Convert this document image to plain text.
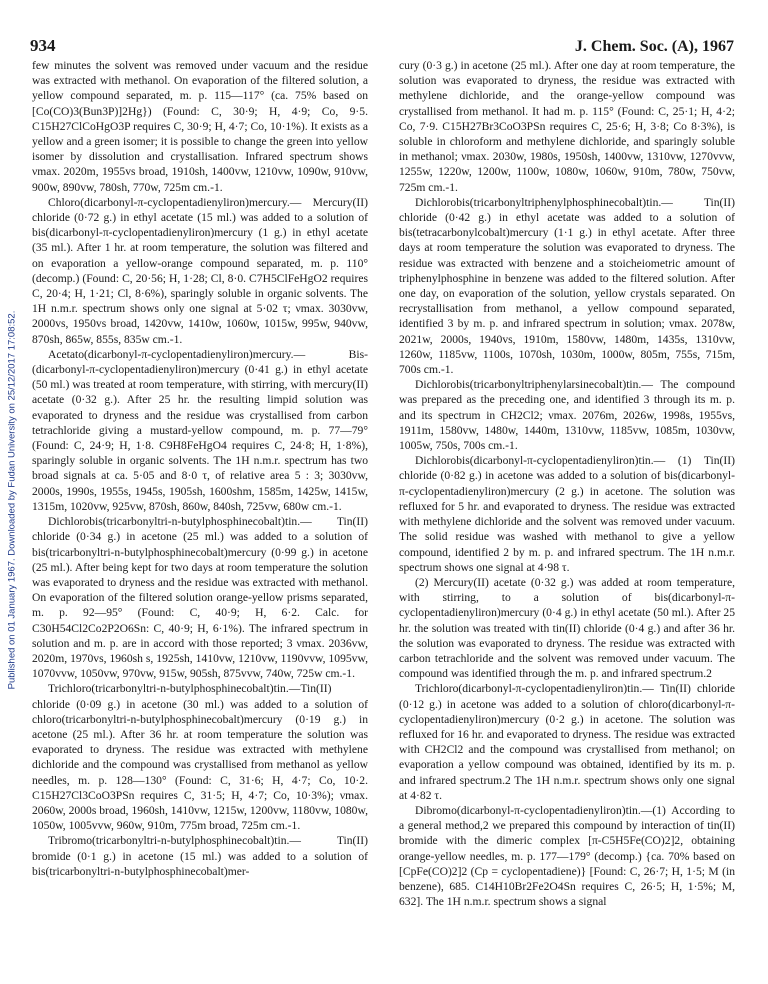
934	J. Chem. Soc. (A), 1967
Published on 01 January 1967. Downloaded by Fudan University on 25/12/2017 17:08:52.

few minutes the solvent was removed under vacuum and the residue was extracted with methanol. On evaporation of the filtered solution, a yellow compound separated, m. p. 115—117° (ca. 75% based on [Co(CO)3(Bun3P)]2Hg}) (Found: C, 30·9; H, 4·9; Co, 9·5. C15H27ClCoHgO3P requires C, 30·9; H, 4·7; Co, 10·1%). It exists as a yellow and a green isomer; it is possible to change the green into yellow isomer by dissolution and crystallisation. Infrared spectrum shows νmax. 2020m, 1955vs broad, 1910sh, 1400vw, 1210vw, 1090w, 910vw, 900w, 890vw, 780sh, 770w, 725m cm.-1.

Chloro(dicarbonyl-π-cyclopentadienyliron)mercury.— Mercury(II) chloride (0·72 g.) in ethyl acetate (15 ml.) was added to a solution of bis(dicarbonyl-π-cyclopentadienyliron)mercury (1 g.) in ethyl acetate (35 ml.). After 1 hr. at room temperature, the solution was filtered and on evaporation a yellow-orange compound separated, m. p. 110° (decomp.) (Found: C, 20·56; H, 1·28; Cl, 8·0. C7H5ClFeHgO2 requires C, 20·4; H, 1·21; Cl, 8·6%), sparingly soluble in organic solvents. The 1H n.m.r. spectrum shows only one signal at 5·02 τ; νmax. 3030vw, 2000vs, 1950vs broad, 1420vw, 1410w, 1060w, 1015w, 995w, 940vw, 870sh, 865w, 855s, 835w cm.-1.

Acetato(dicarbonyl-π-cyclopentadienyliron)mercury.— Bis-(dicarbonyl-π-cyclopentadienyliron)mercury (0·41 g.) in ethyl acetate (50 ml.) was treated at room temperature, with stirring, with mercury(II) acetate (0·32 g.). After 25 hr. the resulting limpid solution was evaporated to dryness and the residue was crystallised from carbon tetrachloride giving a mustard-yellow compound, m. p. 77—79° (Found: C, 24·9; H, 1·8. C9H8FeHgO4 requires C, 24·8; H, 1·8%), sparingly soluble in organic solvents. The 1H n.m.r. spectrum has two broad signals at ca. 5·05 and 8·0 τ, of relative area 5 : 3; 3030vw, 2000s, 1990s, 1955s, 1945s, 1905sh, 1600shm, 1585m, 1425w, 1415w, 1315m, 1020vw, 925vw, 870sh, 860w, 840sh, 725vw, 680w cm.-1.

Dichlorobis(tricarbonyltri-n-butylphosphinecobalt)tin.— Tin(II) chloride (0·34 g.) in acetone (25 ml.) was added to a solution of bis(tricarbonyltri-n-butylphosphinecobalt)mercury (0·99 g.) in acetone (25 ml.). After being kept for two days at room temperature the solution was evaporated to dryness and the residue was extracted with methanol. On evaporation of the filtered solution orange-yellow prisms separated, m. p. 92—95° (Found: C, 40·9; H, 6·2. Calc. for C30H54Cl2Co2P2O6Sn: C, 40·9; H, 6·1%). The infrared spectrum in solution and m. p. are in accord with those reported; 3 νmax. 2036vw, 2020m, 1970vs, 1960sh s, 1925sh, 1410vw, 1210vw, 1190vvw, 1095vw, 1070vvw, 1050vw, 970vw, 915w, 905sh, 875vvw, 740w, 725w cm.-1.

Trichloro(tricarbonyltri-n-butylphosphinecobalt)tin.—Tin(II) chloride (0·09 g.) in acetone (30 ml.) was added to a solution of chloro(tricarbonyltri-n-butylphosphinecobalt)mercury (0·19 g.) in acetone (25 ml.). After 36 hr. at room temperature the solution was evaporated to dryness. The residue was extracted with methylene dichloride and the compound was crystallised from methanol as yellow needles, m. p. 128—130° (Found: C, 31·6; H, 4·7; Co, 10·2. C15H27Cl3CoO3PSn requires C, 31·5; H, 4·7; Co, 10·3%); νmax. 2060w, 2000s broad, 1960sh, 1410vw, 1215w, 1200vw, 1180vw, 1080w, 1050w, 1005vvw, 960w, 910m, 775m broad, 725m cm.-1.

Tribromo(tricarbonyltri-n-butylphosphinecobalt)tin.— Tin(II) bromide (0·1 g.) in acetone (15 ml.) was added to a solution of bis(tricarbonyltri-n-butylphosphinecobalt)mer-

cury (0·3 g.) in acetone (25 ml.). After one day at room temperature, the solution was evaporated to dryness, the residue was extracted with methylene dichloride, and the orange-yellow compound was crystallised from methanol. It had m. p. 115° (Found: C, 25·1; H, 4·2; Co, 7·9. C15H27Br3CoO3PSn requires C, 25·6; H, 3·8; Co 8·3%), is soluble in chloroform and methylene dichloride, and sparingly soluble in methanol; νmax. 2030w, 1980s, 1950sh, 1400vw, 1310vw, 1270vvw, 1255w, 1220w, 1200w, 1100w, 1080w, 1060w, 910m, 780w, 750vw, 725m cm.-1.

Dichlorobis(tricarbonyltriphenylphosphinecobalt)tin.— Tin(II) chloride (0·42 g.) in ethyl acetate was added to a solution of bis(tetracarbonylcobalt)mercury (1·1 g.) in ethyl acetate. After three days at room temperature the solution was evaporated to dryness. The residue was extracted with benzene and a stoicheiometric amount of triphenylphosphine in benzene was added to the filtered solution. After one day, on evaporation of the solution, yellow crystals separated. On recrystallisation from methanol, a yellow compound separated, identified 3 by m. p. and infrared spectrum in solution; νmax. 2078w, 2021w, 2000s, 1940vs, 1910m, 1580vw, 1480m, 1435s, 1310vw, 1260w, 1185vw, 1100s, 1070sh, 1030m, 1000w, 805m, 755s, 715m, 700s cm.-1.

Dichlorobis(tricarbonyltriphenylarsinecobalt)tin.— The compound was prepared as the preceding one, and identified 3 through its m. p. and its spectrum in CH2Cl2; νmax. 2076m, 2026w, 1998s, 1955vs, 1911m, 1580vw, 1480w, 1440m, 1310vw, 1185vw, 1085m, 1030vw, 1005w, 750s, 700s cm.-1.

Dichlorobis(dicarbonyl-π-cyclopentadienyliron)tin.— (1) Tin(II) chloride (0·82 g.) in acetone was added to a solution of bis(dicarbonyl-π-cyclopentadienyliron)mercury (2 g.) in acetone. The solution was refluxed for 5 hr. and evaporated to dryness. The residue was extracted with methylene dichloride and the solvent was removed under vacuum. The solid residue was washed with methanol to give a yellow compound, identified 2 by m. p. and infrared spectrum. The 1H n.m.r. spectrum shows one signal at 4·98 τ.

(2) Mercury(II) acetate (0·32 g.) was added at room temperature, with stirring, to a solution of bis(dicarbonyl-π-cyclopentadienyliron)mercury (0·4 g.) in ethyl acetate (50 ml.). After 25 hr. the solution was treated with tin(II) chloride (0·4 g.) and after 36 hr. the solution was evaporated to dryness. The residue was extracted with carbon tetrachloride and the solvent was removed under vacuum. The compound was identified through the m. p. and infrared spectrum.2

Trichloro(dicarbonyl-π-cyclopentadienyliron)tin.— Tin(II) chloride (0·12 g.) in acetone was added to a solution of chloro(dicarbonyl-π-cyclopentadienyliron)mercury (0·2 g.) in acetone. The solution was refluxed for 16 hr. and evaporated to dryness. The residue was extracted with CH2Cl2 and the compound was crystallised from methanol; on evaporation a yellow compound was obtained, identified by its m. p. and infrared spectrum.2 The 1H n.m.r. spectrum shows only one signal at 4·82 τ.

Dibromo(dicarbonyl-π-cyclopentadienyliron)tin.—(1) According to a general method,2 we prepared this compound by interaction of tin(II) bromide with the dimeric complex [π-C5H5Fe(CO)2]2, obtaining orange-yellow needles, m. p. 177—179° (decomp.) {ca. 70% based on [CpFe(CO)2]2 (Cp = cyclopentadiene)} [Found: C, 26·7; H, 1·5; M (in benzene), 685. C14H10Br2Fe2O4Sn requires C, 26·5; H, 1·5%; M, 632]. The 1H n.m.r. spectrum shows a signal
